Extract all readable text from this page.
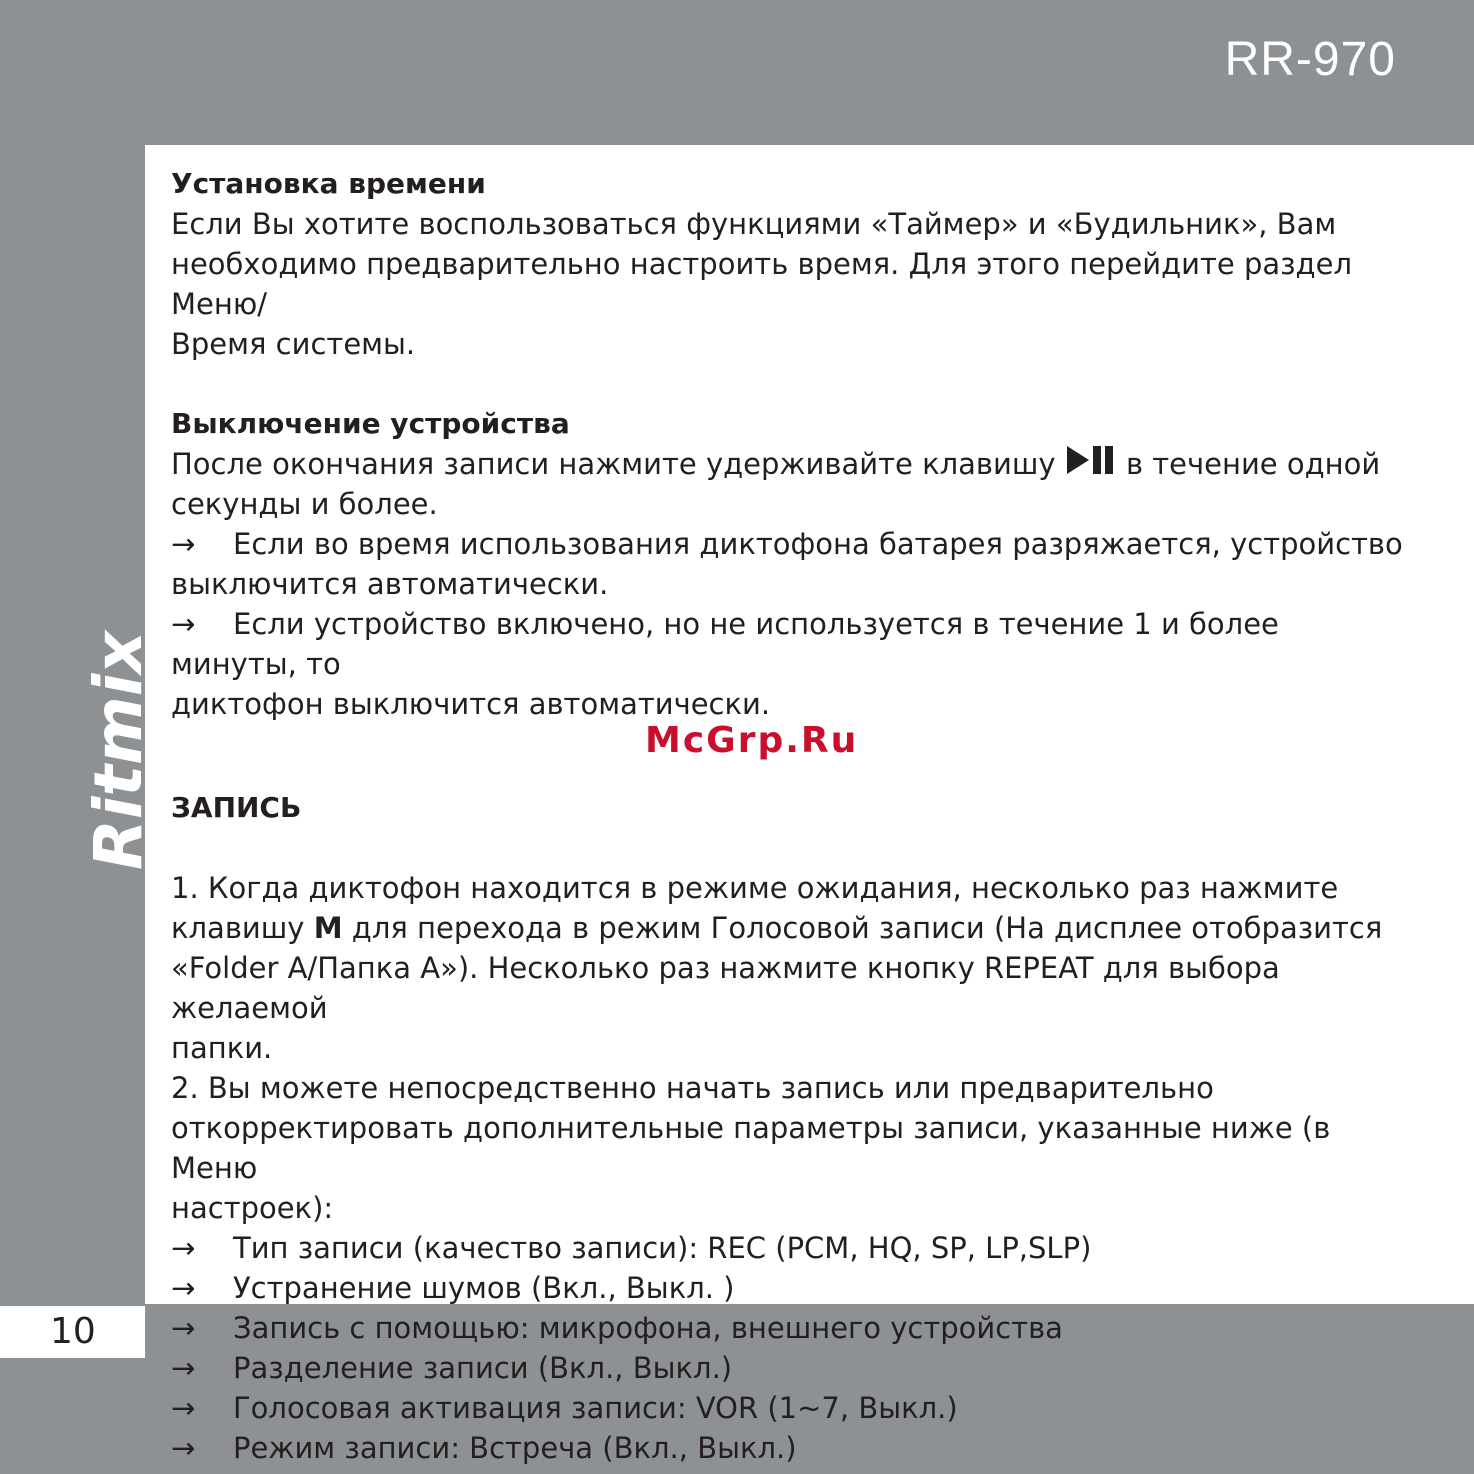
RR-970
Ritmix
10
Установка времени
Если Вы хотите воспользоваться функциями «Таймер» и «Будильник», Вам
необходимо предварительно настроить время. Для этого перейдите раздел Меню/
Время системы.
Выключение устройства
После окончания записи нажмите удерживайте клавишу в течение одной
секунды и более.
→ Если во время использования диктофона батарея разряжается, устройство
выключится автоматически.
→ Если устройство включено, но не используется в течение 1 и более минуты, то
диктофон выключится автоматически.
ЗАПИСЬ
1. Когда диктофон находится в режиме ожидания, несколько раз нажмите
клавишу M для перехода в режим Голосовой записи (На дисплее отобразится
«Folder A/Папка A»). Несколько раз нажмите кнопку REPEAT для выбора желаемой
папки.
2. Вы можете непосредственно начать запись или предварительно
откорректировать дополнительные параметры записи, указанные ниже (в Меню
настроек):
→ Тип записи (качество записи): REC (PCM, HQ, SP, LP,SLP)
→ Устранение шумов (Вкл., Выкл. )
→ Запись с помощью: микрофона, внешнего устройства
→ Разделение записи (Вкл., Выкл.)
→ Голосовая активация записи: VOR (1~7, Выкл.)
→ Режим записи: Встреча (Вкл., Выкл.)
McGrp.Ru
